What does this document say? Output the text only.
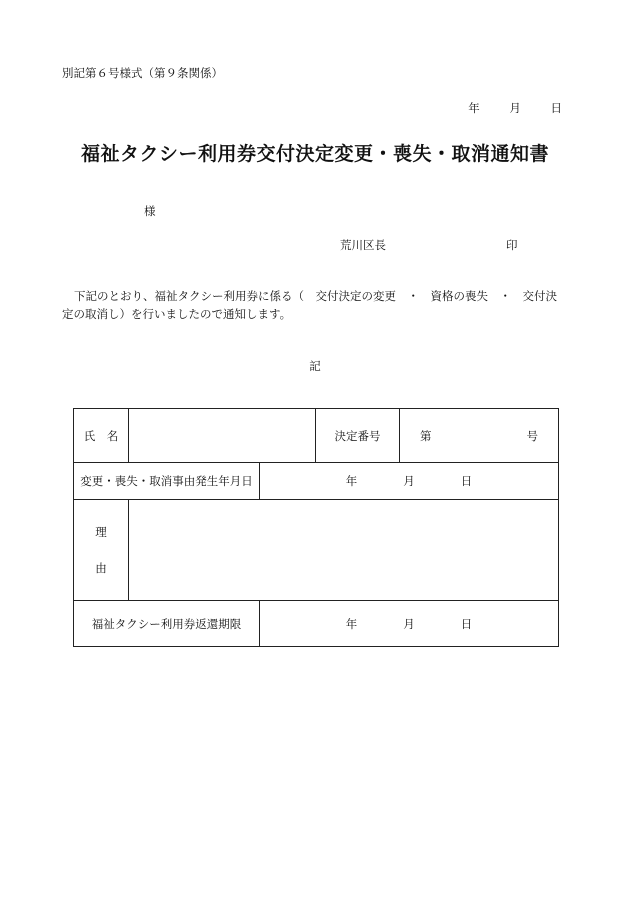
別記第６号様式（第９条関係）
年	月	日
福祉タクシー利用券交付決定変更・喪失・取消通知書
様
荒川区長	印
下記のとおり、福祉タクシー利用券に係る（　交付決定の変更　・　資格の喪失　・　交付決定の取消し）を行いましたので通知します。
記
氏　名			決定番号	第 号

変更・喪失・取消事由発生年月日		年 月 日		

理
由				

福祉タクシー利用券返還期限		年 月 日		
